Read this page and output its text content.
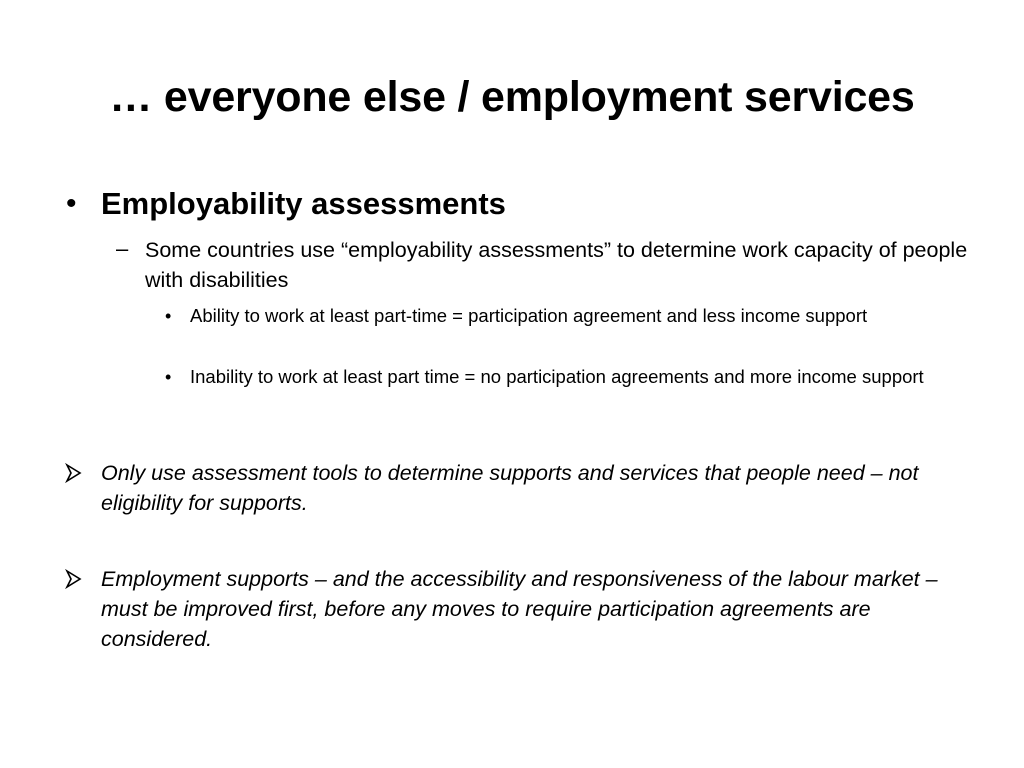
… everyone else / employment services
• Employability assessments
– Some countries use “employability assessments” to determine work capacity of people with disabilities
• Ability to work at least part-time = participation agreement and less income support
• Inability to work at least part time = no participation agreements and more income support
Only use assessment tools to determine supports and services that people need – not eligibility for supports.
Employment supports – and the accessibility and responsiveness of the labour market – must be improved first, before any moves to require participation agreements are considered.
